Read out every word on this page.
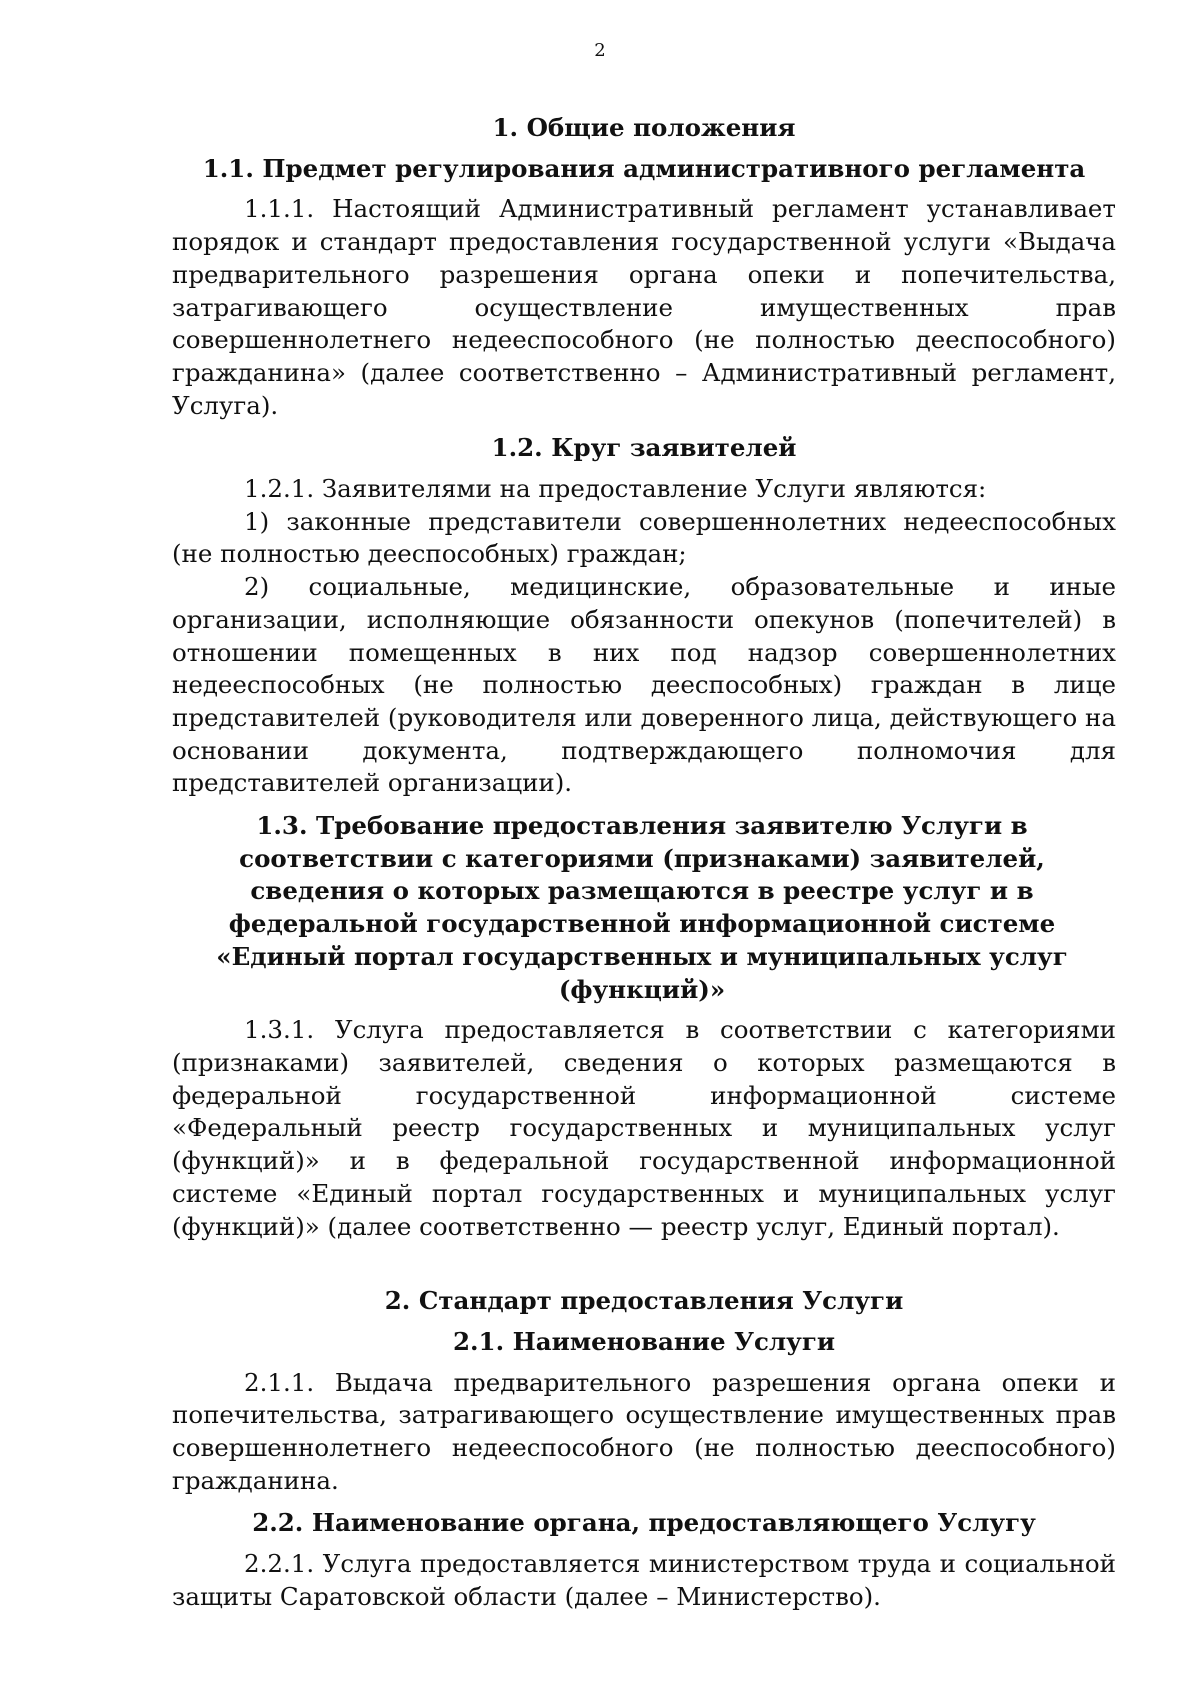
2
1. Общие положения
1.1. Предмет регулирования административного регламента

1.1.1. Настоящий Административный регламент устанавливает порядок и стандарт предоставления государственной услуги «Выдача предварительного разрешения органа опеки и попечительства, затрагивающего осуществление имущественных прав совершеннолетнего недееспособного (не полностью дееспособного) гражданина» (далее соответственно – Административный регламент, Услуга).

1.2. Круг заявителей

1.2.1. Заявителями на предоставление Услуги являются:

1) законные представители совершеннолетних недееспособных (не полностью дееспособных) граждан;

2) социальные, медицинские, образовательные и иные организации, исполняющие обязанности опекунов (попечителей) в отношении помещенных в них под надзор совершеннолетних недееспособных (не полностью дееспособных) граждан в лице представителей (руководителя или доверенного лица, действующего на основании документа, подтверждающего полномочия для представителей организации).

1.3. Требование предоставления заявителю Услуги в соответствии с категориями (признаками) заявителей, сведения о которых размещаются в реестре услуг и в федеральной государственной информационной системе «Единый портал государственных и муниципальных услуг (функций)»

1.3.1. Услуга предоставляется в соответствии с категориями (признаками) заявителей, сведения о которых размещаются в федеральной государственной информационной системе «Федеральный реестр государственных и муниципальных услуг (функций)» и в федеральной государственной информационной системе «Единый портал государственных и муниципальных услуг (функций)» (далее соответственно — реестр услуг, Единый портал).

2. Стандарт предоставления Услуги
2.1. Наименование Услуги

2.1.1. Выдача предварительного разрешения органа опеки и попечительства, затрагивающего осуществление имущественных прав совершеннолетнего недееспособного (не полностью дееспособного) гражданина.

2.2. Наименование органа, предоставляющего Услугу

2.2.1. Услуга предоставляется министерством труда и социальной защиты Саратовской области (далее – Министерство).
